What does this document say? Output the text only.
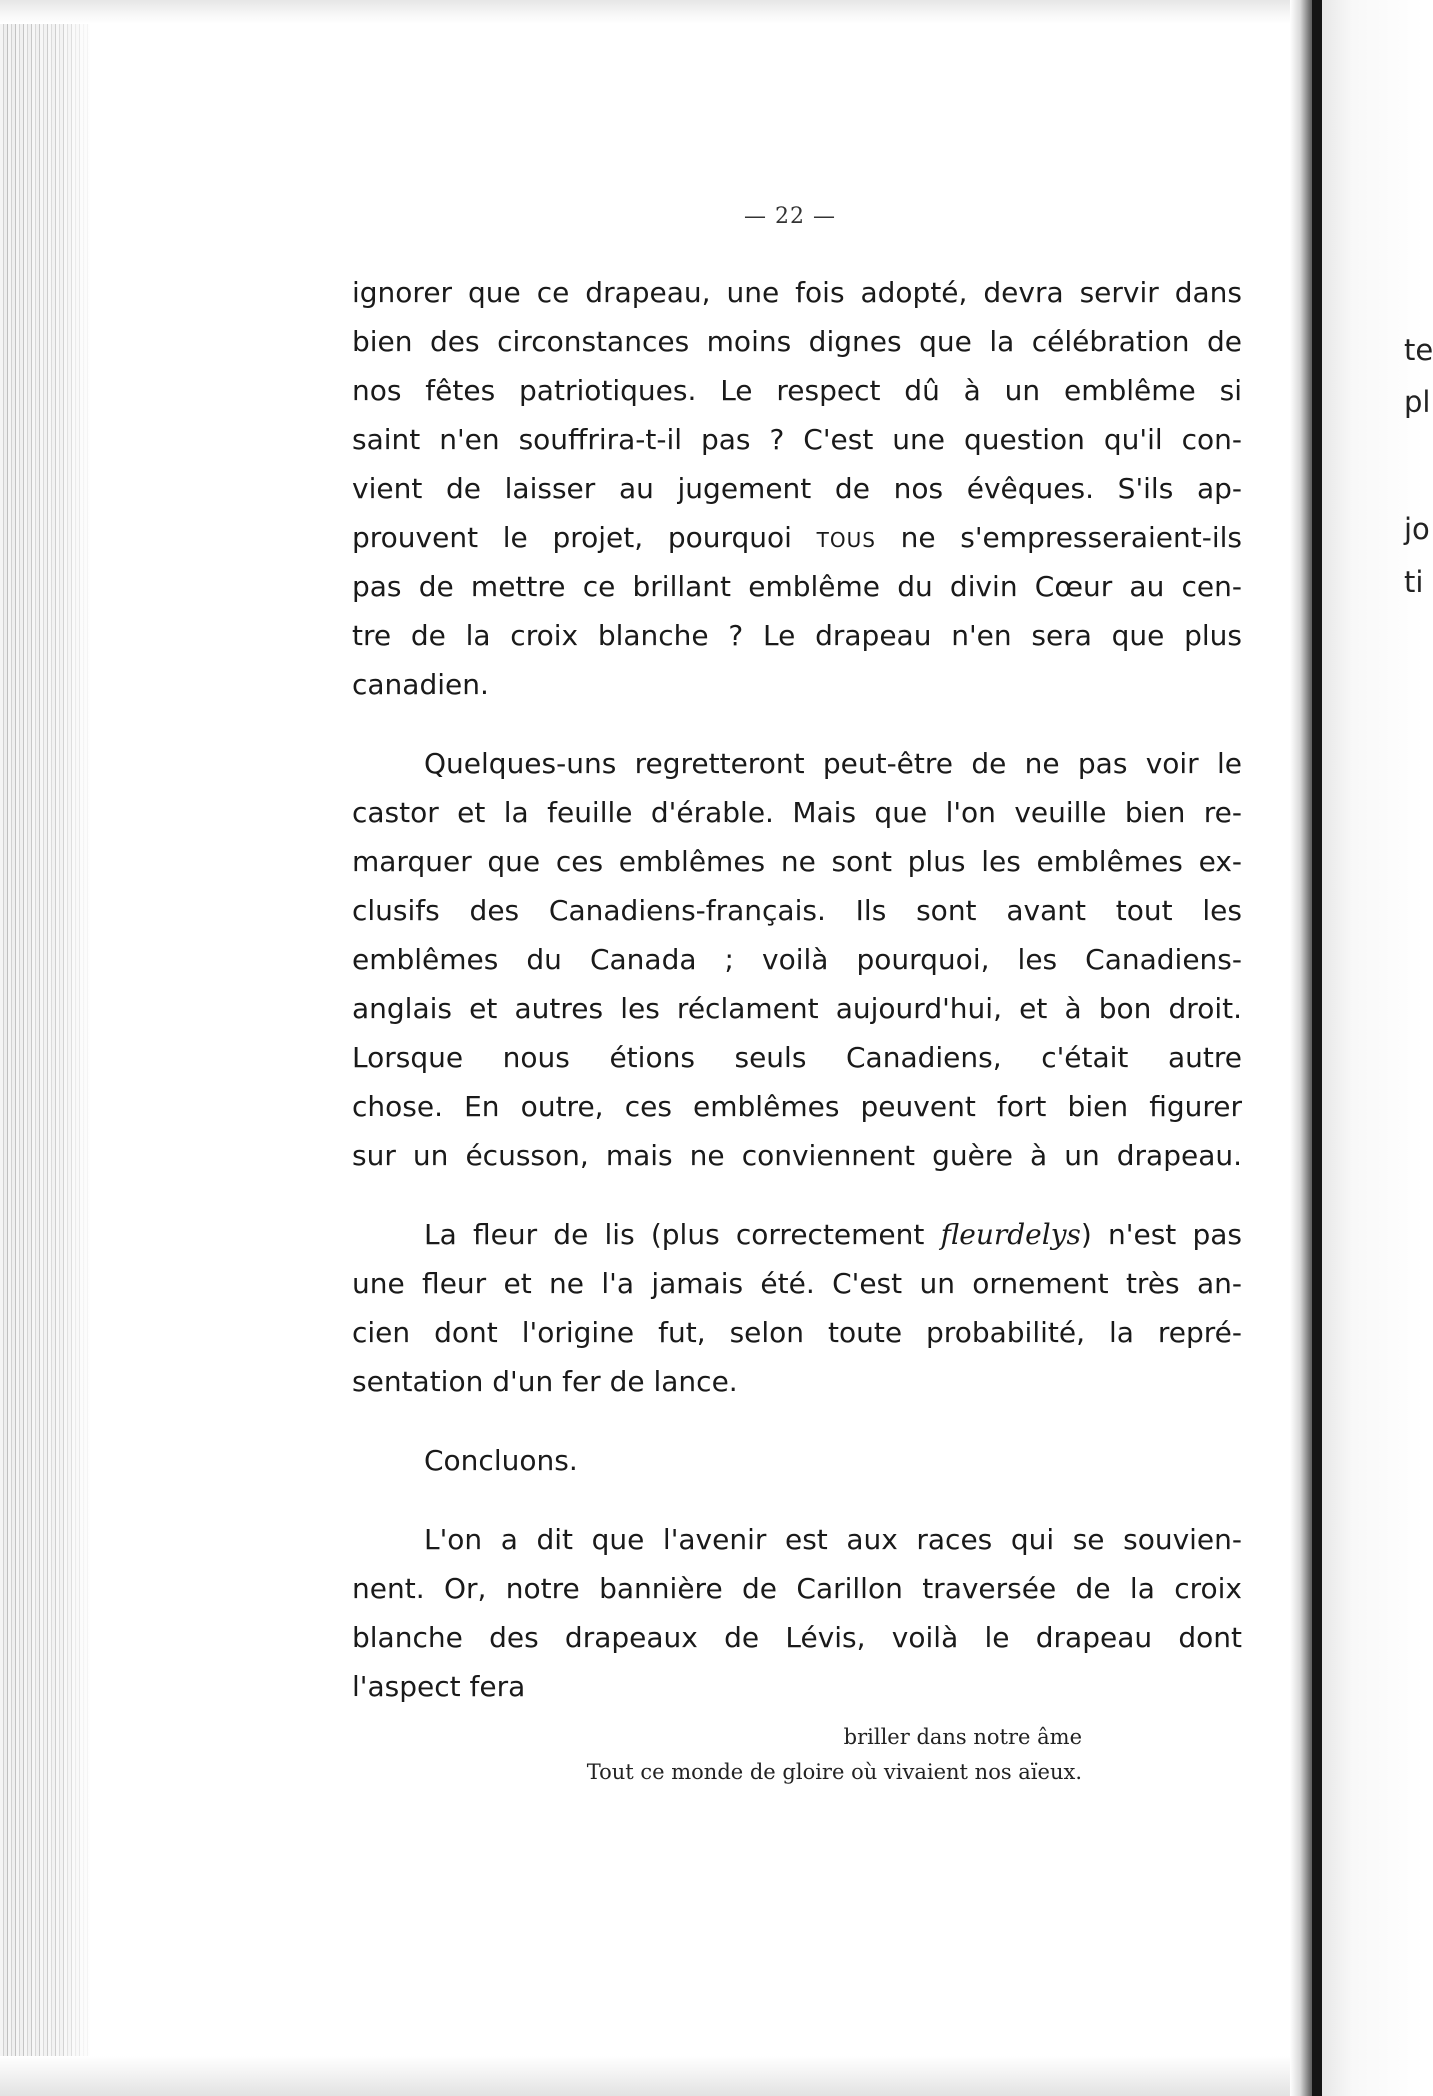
te
pl
jo
ti
— 22 —
ignorer que ce drapeau, une fois adopté, devra servir dans
bien des circonstances moins dignes que la célébration de
nos fêtes patriotiques. Le respect dû à un emblême si
saint n'en souffrira-t-il pas ? C'est une question qu'il con-
vient de laisser au jugement de nos évêques. S'ils ap-
prouvent le projet, pourquoi tous ne s'empresseraient-ils
pas de mettre ce brillant emblême du divin Cœur au cen-
tre de la croix blanche ? Le drapeau n'en sera que plus
canadien.
Quelques-uns regretteront peut-être de ne pas voir le
castor et la feuille d'érable. Mais que l'on veuille bien re-
marquer que ces emblêmes ne sont plus les emblêmes ex-
clusifs des Canadiens-français. Ils sont avant tout les
emblêmes du Canada ; voilà pourquoi, les Canadiens-
anglais et autres les réclament aujourd'hui, et à bon droit.
Lorsque nous étions seuls Canadiens, c'était autre
chose. En outre, ces emblêmes peuvent fort bien figurer
sur un écusson, mais ne conviennent guère à un drapeau.
La fleur de lis (plus correctement fleurdelys) n'est pas
une fleur et ne l'a jamais été. C'est un ornement très an-
cien dont l'origine fut, selon toute probabilité, la repré-
sentation d'un fer de lance.
Concluons.
L'on a dit que l'avenir est aux races qui se souvien-
nent. Or, notre bannière de Carillon traversée de la croix
blanche des drapeaux de Lévis, voilà le drapeau dont
l'aspect fera
briller dans notre âme
Tout ce monde de gloire où vivaient nos aïeux.
